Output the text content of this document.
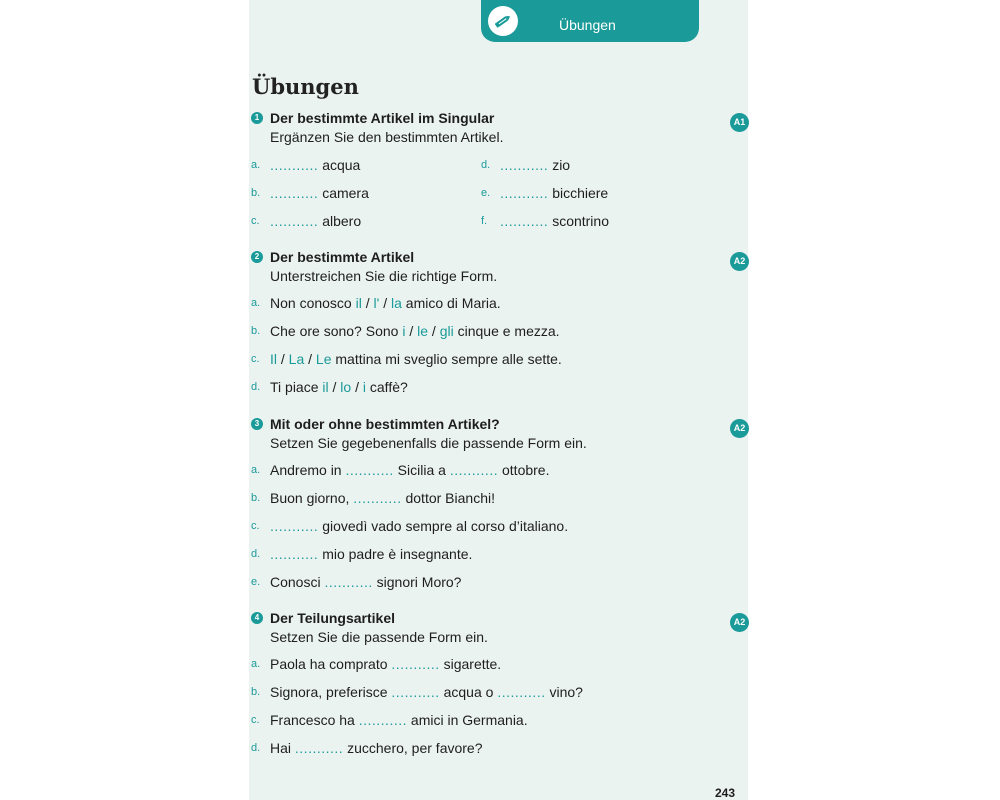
Übungen
Übungen
1 Der bestimmte Artikel im Singular
Ergänzen Sie den bestimmten Artikel.
A1
a. ........... acqua
b. ........... camera
c. ........... albero
d. ........... zio
e. ........... bicchiere
f. ........... scontrino
2 Der bestimmte Artikel
Unterstreichen Sie die richtige Form.
A2
a. Non conosco il / l' / la amico di Maria.
b. Che ore sono? Sono i / le / gli cinque e mezza.
c. Il / La / Le mattina mi sveglio sempre alle sette.
d. Ti piace il / lo / i caffè?
3 Mit oder ohne bestimmten Artikel?
Setzen Sie gegebenenfalls die passende Form ein.
A2
a. Andremo in ........... Sicilia a ........... ottobre.
b. Buon giorno, ........... dottor Bianchi!
c. ........... giovedì vado sempre al corso d’italiano.
d. ........... mio padre è insegnante.
e. Conosci ........... signori Moro?
4 Der Teilungsartikel
Setzen Sie die passende Form ein.
A2
a. Paola ha comprato ........... sigarette.
b. Signora, preferisce ........... acqua o ........... vino?
c. Francesco ha ........... amici in Germania.
d. Hai ........... zucchero, per favore?
243
